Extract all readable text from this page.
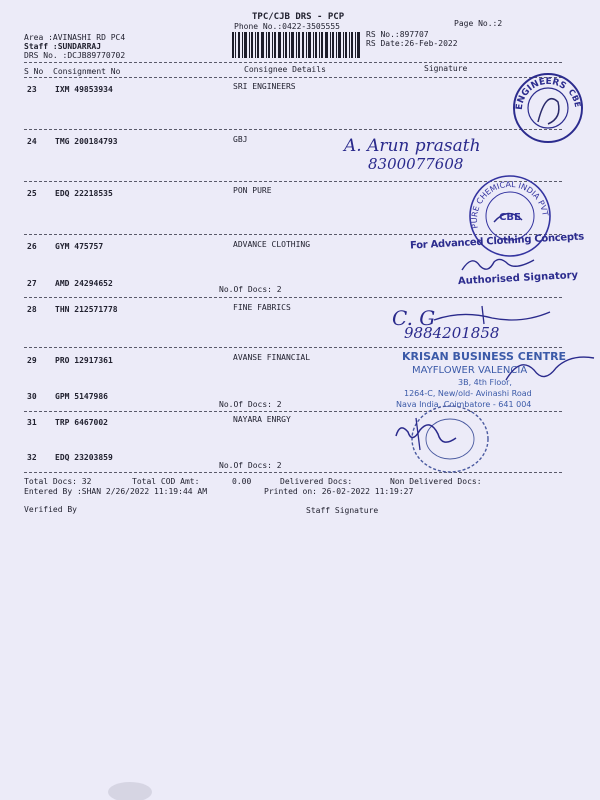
TPC/CJB DRS - PCP
Phone No.:0422-3505555	Page No.:2
RS No.:897707
RS Date:26-Feb-2022
Area :AVINASHI RD PC4
Staff :SUNDARRAJ
DRS No. :DCJB89770702
S No Consignment No	Consignee Details	Signature
23 IXM 49853934	SRI ENGINEERS
24 TMG 200184793	GBJ
25 EDQ 22218535	PON PURE
26 GYM 475757	ADVANCE CLOTHING
27 AMD 24294652
No.Of Docs: 2
28 THN 212571778	FINE FABRICS
29 PRO 12917361	AVANSE FINANCIAL
30 GPM 5147986
No.Of Docs: 2
31 TRP 6467002	NAYARA ENRGY
32 EDQ 23203859
No.Of Docs: 2
Total Docs: 32	Total COD Amt:	0.00	Delivered Docs:	Non Delivered Docs:
Entered By :SHAN 2/26/2022 11:19:44 AM	Printed on: 26-02-2022 11:19:27
Verified By	Staff Signature
ENGINEERS
CBE
A. Arun prasath
8300077608
PURE CHEMICAL INDIA PVT
CBE
For Advanced Clothing Concepts
Authorised Signatory
C. G
9884201858
KRISAN BUSINESS CENTRE
MAYFLOWER VALENCIA
3B, 4th Floor,
1264-C, New/old- Avinashi Road
Nava India, Coimbatore - 641 004
